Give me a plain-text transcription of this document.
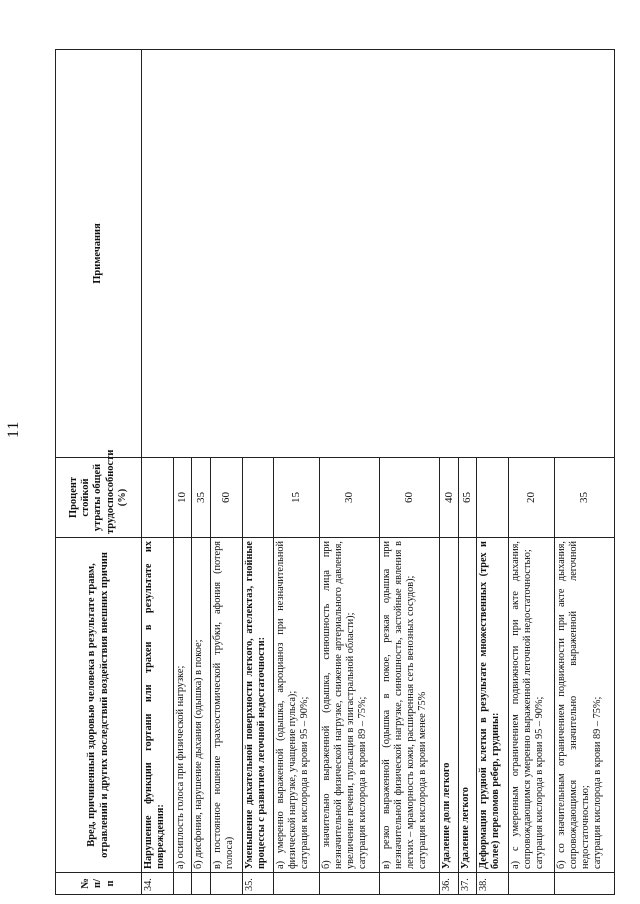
11
№ п/п	Вред, причиненный здоровью человека в результате травм, отравлений и других последствий воздействия внешних причин	Процент стойкой утраты общей трудоспособности (%)	Примечания
34.	Нарушение функции гортани или трахеи в результате их повреждения:		
	а) осиплость голоса при физической нагрузке;	10	
	б) дисфония, нарушение дыхания (одышка) в покое;	35	
	в) постоянное ношение трахеостомической трубки, афония (потеря голоса)	60	
35.	Уменьшение дыхательной поверхности легкого, ателектаз, гнойные процессы с развитием легочной недостаточности:		

	а) умеренно выраженной (одышка, акроцианоз при незначительной физической нагрузке, учащение пульса); сатурация кислорода в крови 95 – 90%;	15	

	б) значительно выраженной (одышка, синюшность лица при незначительной физической нагрузке, снижение артериального давления, увеличение печени, пульсация в эпигастральной области); сатурация кислорода в крови 89 – 75%;	30	

	в) резко выраженной (одышка в покое, резкая одышка при незначительной физической нагрузке, синюшность, застойные явления в легких – мраморность кожи, расширенная сеть венозных сосудов); сатурация кислорода в крови менее 75%	60	
36.	Удаление доли легкого	40	
37.	Удаление легкого	65	
38.	Деформация грудной клетки в результате множественных (трех и более) переломов ребер, грудины:		

	а) с умеренным ограничением подвижности при акте дыхания, сопровождающимся умеренно выраженной легочной недостаточностью; сатурация кислорода в крови 95 – 90%;	20	

	б) со значительным ограничением подвижности при акте дыхания, сопровождающимся значительно выраженной легочной недостаточностью; сатурация кислорода в крови 89 – 75%;	35	
